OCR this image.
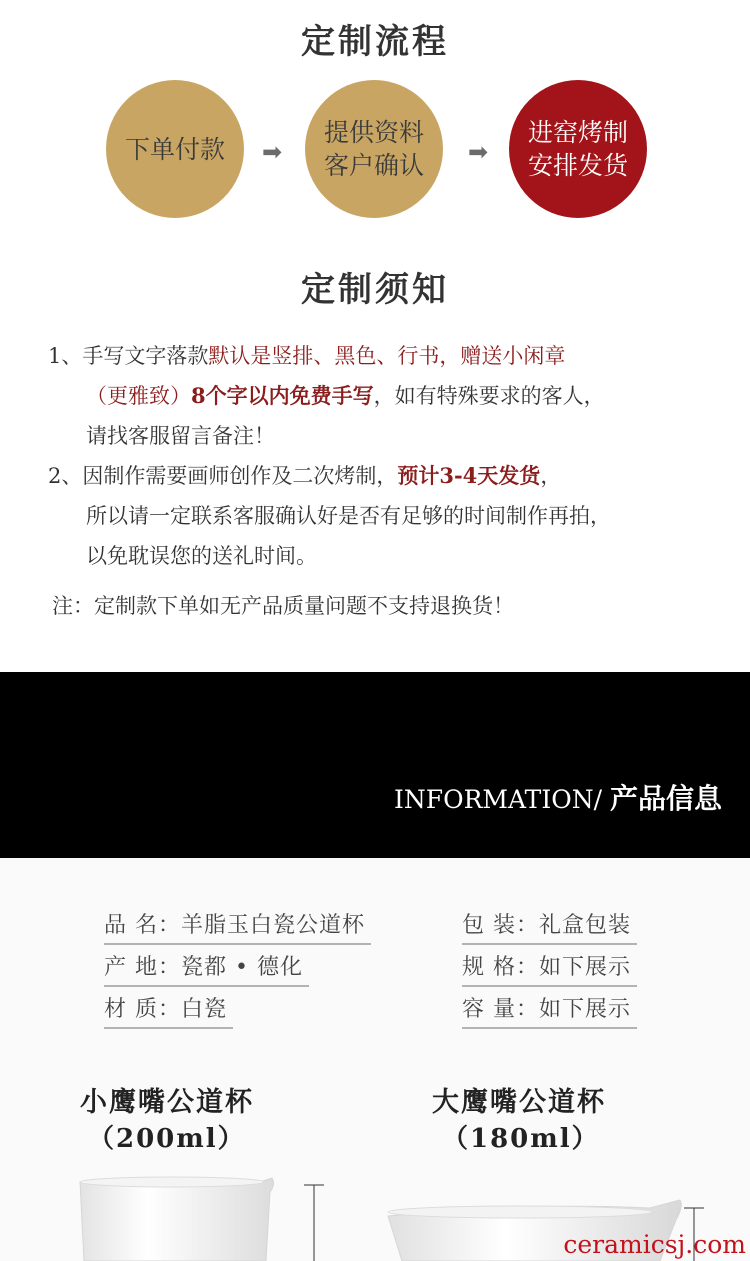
定制流程
下单付款 ➡
提供资料
客户确认 ➡
进窑烤制
安排发货
定制须知

1、手写文字落款默认是竖排、黑色、行书，赠送小闲章

（更雅致）8个字以内免费手写，如有特殊要求的客人，

请找客服留言备注！

2、因制作需要画师创作及二次烤制，预计3-4天发货，

所以请一定联系客服确认好是否有足够的时间制作再拍，

以免耽误您的送礼时间。

注：定制款下单如无产品质量问题不支持退换货！

INFORMATION/ 产品信息
品 名：羊脂玉白瓷公道杯
产 地：瓷都 • 德化
材 质：白瓷
包 装：礼盒包装
规 格：如下展示
容 量：如下展示
小鹰嘴公道杯
（200ml）
大鹰嘴公道杯
（180ml）
ceramicsj.com
